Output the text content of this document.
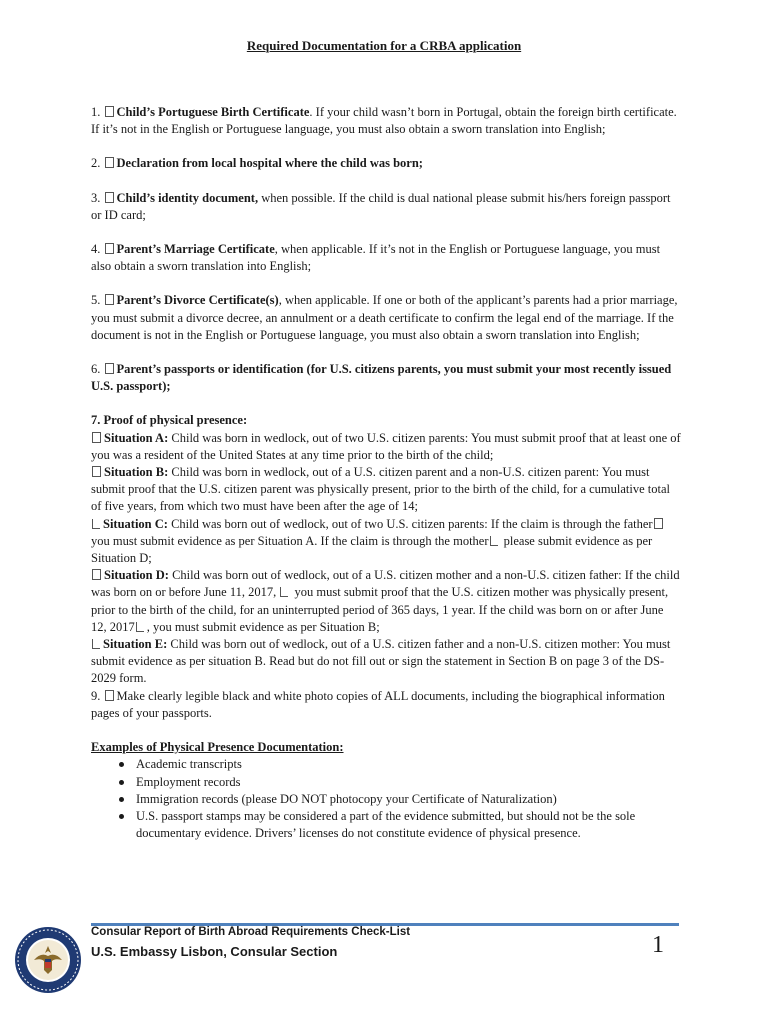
Required Documentation for a CRBA application
1. Child’s Portuguese Birth Certificate. If your child wasn’t born in Portugal, obtain the foreign birth certificate. If it’s not in the English or Portuguese language, you must also obtain a sworn translation into English;
2. Declaration from local hospital where the child was born;
3. Child’s identity document, when possible. If the child is dual national please submit his/hers foreign passport or ID card;
4. Parent’s Marriage Certificate, when applicable. If it’s not in the English or Portuguese language, you must also obtain a sworn translation into English;
5. Parent’s Divorce Certificate(s), when applicable. If one or both of the applicant’s parents had a prior marriage, you must submit a divorce decree, an annulment or a death certificate to confirm the legal end of the marriage. If the document is not in the English or Portuguese language, you must also obtain a sworn translation into English;
6. Parent’s passports or identification (for U.S. citizens parents, you must submit your most recently issued U.S. passport);
7. Proof of physical presence:
Situation A: Child was born in wedlock, out of two U.S. citizen parents: You must submit proof that at least one of you was a resident of the United States at any time prior to the birth of the child;
Situation B: Child was born in wedlock, out of a U.S. citizen parent and a non-U.S. citizen parent: You must submit proof that the U.S. citizen parent was physically present, prior to the birth of the child, for a cumulative total of five years, from which two must have been after the age of 14;
Situation C: Child was born out of wedlock, out of two U.S. citizen parents: If the claim is through the father you must submit evidence as per Situation A. If the claim is through the mother please submit evidence as per Situation D;
Situation D: Child was born out of wedlock, out of a U.S. citizen mother and a non-U.S. citizen father: If the child was born on or before June 11, 2017,  you must submit proof that the U.S. citizen mother was physically present, prior to the birth of the child, for an uninterrupted period of 365 days, 1 year. If the child was born on or after June 12, 2017 , you must submit evidence as per Situation B;
Situation E: Child was born out of wedlock, out of a U.S. citizen father and a non-U.S. citizen mother: You must submit evidence as per situation B. Read but do not fill out or sign the statement in Section B on page 3 of the DS-2029 form.
9. Make clearly legible black and white photo copies of ALL documents, including the biographical information pages of your passports.
Examples of Physical Presence Documentation:
Academic transcripts
Employment records
Immigration records (please DO NOT photocopy your Certificate of Naturalization)
U.S. passport stamps may be considered a part of the evidence submitted, but should not be the sole documentary evidence. Drivers’ licenses do not constitute evidence of physical presence.
Consular Report of Birth Abroad Requirements Check-List
U.S. Embassy Lisbon, Consular Section	1
